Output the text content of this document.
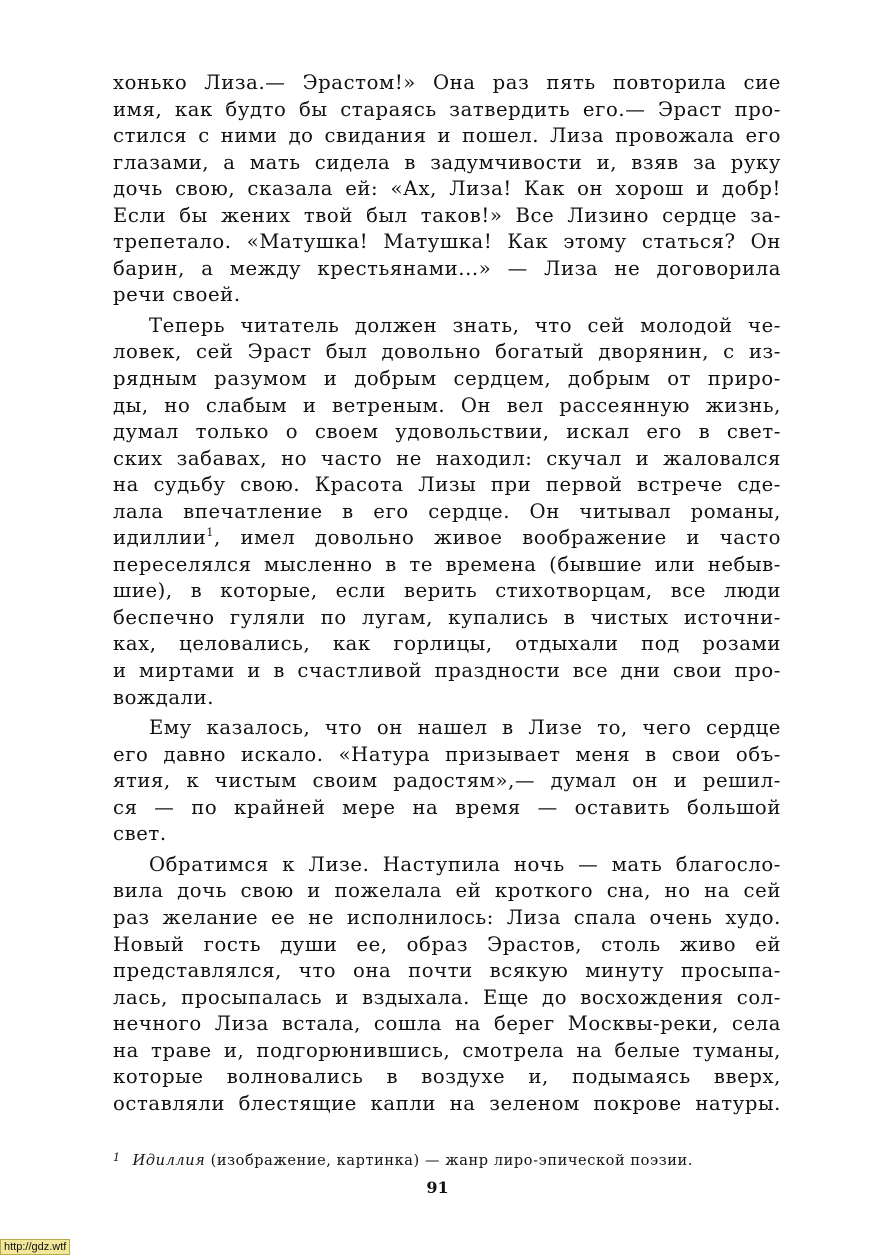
хонько Лиза.— Эрастом!» Она раз пять повторила сие
имя, как будто бы стараясь затвердить его.— Эраст про-
стился с ними до свидания и пошел. Лиза провожала его
глазами, а мать сидела в задумчивости и, взяв за руку
дочь свою, сказала ей: «Ах, Лиза! Как он хорош и добр!
Если бы жених твой был таков!» Все Лизино сердце за-
трепетало. «Матушка! Матушка! Как этому статься? Он
барин, а между крестьянами...» — Лиза не договорила
речи своей.

Теперь читатель должен знать, что сей молодой че-
ловек, сей Эраст был довольно богатый дворянин, с из-
рядным разумом и добрым сердцем, добрым от приро-
ды, но слабым и ветреным. Он вел рассеянную жизнь,
думал только о своем удовольствии, искал его в свет-
ских забавах, но часто не находил: скучал и жаловался
на судьбу свою. Красота Лизы при первой встрече сде-
лала впечатление в его сердце. Он читывал романы,
идиллии$^1$, имел довольно живое воображение и часто
переселялся мысленно в те времена (бывшие или небыв-
шие), в которые, если верить стихотворцам, все люди
беспечно гуляли по лугам, купались в чистых источни-
ках, целовались, как горлицы, отдыхали под розами
и миртами и в счастливой праздности все дни свои про-
вождали.

Ему казалось, что он нашел в Лизе то, чего сердце
его давно искало. «Натура призывает меня в свои объ-
ятия, к чистым своим радостям»,— думал он и решил-
ся — по крайней мере на время — оставить большой
свет.

Обратимся к Лизе. Наступила ночь — мать благосло-
вила дочь свою и пожелала ей кроткого сна, но на сей
раз желание ее не исполнилось: Лиза спала очень худо.
Новый гость души ее, образ Эрастов, столь живо ей
представлялся, что она почти всякую минуту просыпа-
лась, просыпалась и вздыхала. Еще до восхождения сол-
нечного Лиза встала, сошла на берег Москвы-реки, села
на траве и, подгорюнившись, смотрела на белые туманы,
которые волновались в воздухе и, подымаясь вверх,
оставляли блестящие капли на зеленом покрове натуры.

$^1$ Идиллия (изображение, картинка) — жанр лиро-эпической поэзии.
91
http://gdz.wtf
